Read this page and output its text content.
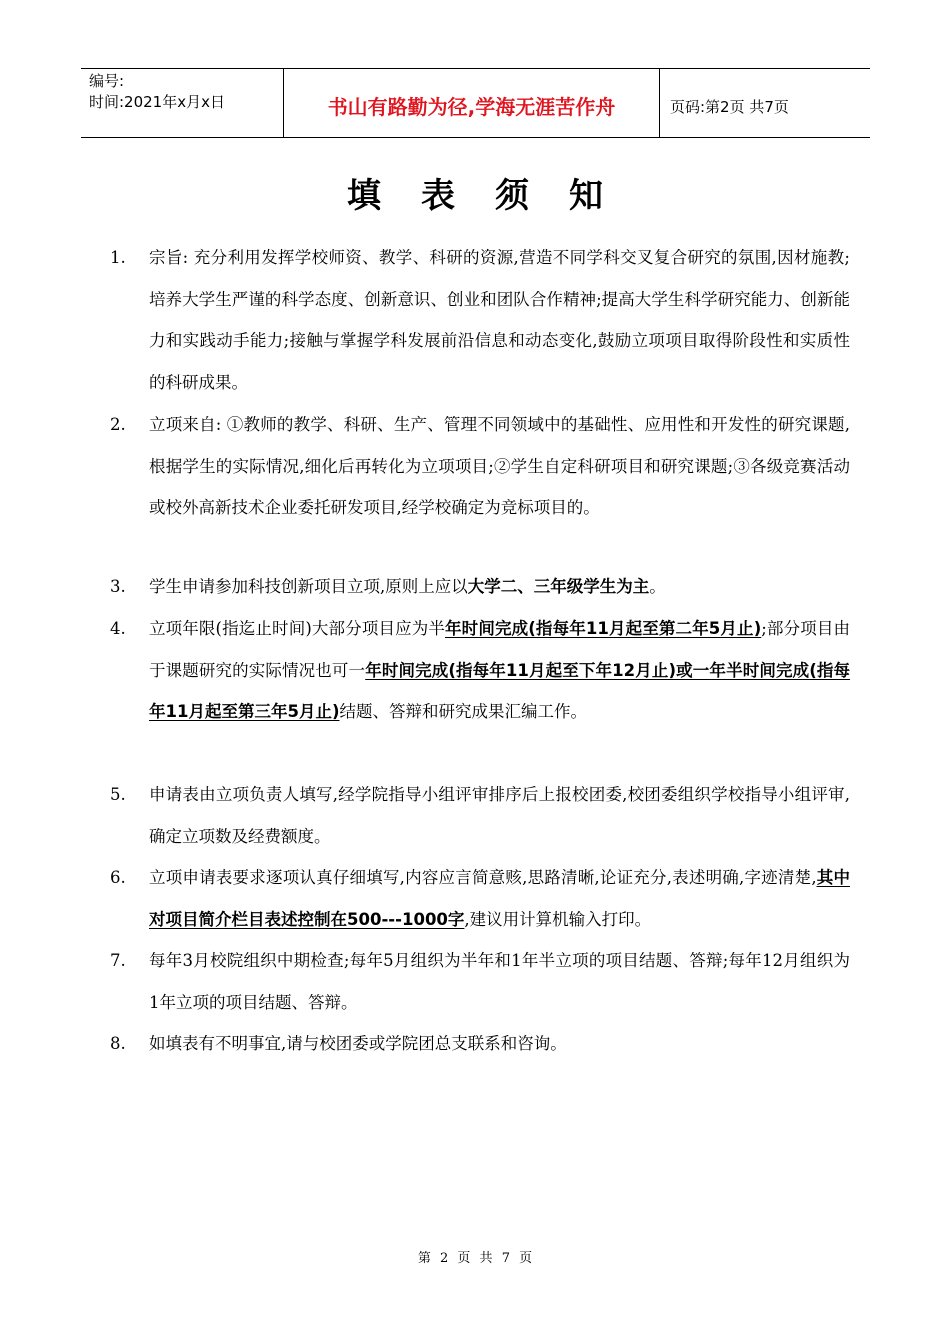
编号:
时间:2021年x月x日	书山有路勤为径,学海无涯苦作舟	页码:第2页 共7页
填表须知
1.	宗旨: 充分利用发挥学校师资、教学、科研的资源,营造不同学科交叉复合研究的氛围,因材施教;培养大学生严谨的科学态度、创新意识、创业和团队合作精神;提高大学生科学研究能力、创新能力和实践动手能力;接触与掌握学科发展前沿信息和动态变化,鼓励立项项目取得阶段性和实质性的科研成果。
2.	立项来自: ①教师的教学、科研、生产、管理不同领域中的基础性、应用性和开发性的研究课题,根据学生的实际情况,细化后再转化为立项项目;②学生自定科研项目和研究课题;③各级竞赛活动或校外高新技术企业委托研发项目,经学校确定为竞标项目的。
3.	学生申请参加科技创新项目立项,原则上应以大学二、三年级学生为主。
4.	立项年限(指迄止时间)大部分项目应为半年时间完成(指每年11月起至第二年5月止);部分项目由于课题研究的实际情况也可一年时间完成(指每年11月起至下年12月止)或一年半时间完成(指每年11月起至第三年5月止)结题、答辩和研究成果汇编工作。
5.	申请表由立项负责人填写,经学院指导小组评审排序后上报校团委,校团委组织学校指导小组评审,确定立项数及经费额度。
6.	立项申请表要求逐项认真仔细填写,内容应言简意赅,思路清晰,论证充分,表述明确,字迹清楚,其中对项目简介栏目表述控制在500---1000字,建议用计算机输入打印。
7.	每年3月校院组织中期检查;每年5月组织为半年和1年半立项的项目结题、答辩;每年12月组织为1年立项的项目结题、答辩。
8.	如填表有不明事宜,请与校团委或学院团总支联系和咨询。
第 2 页 共 7 页
